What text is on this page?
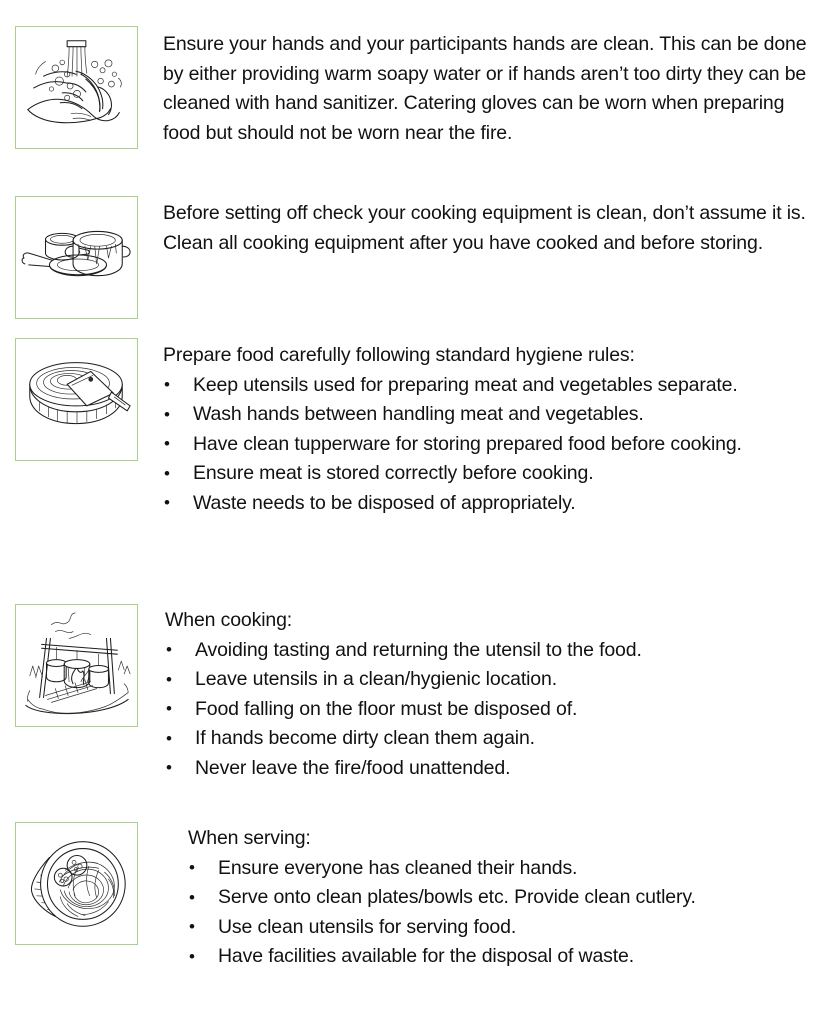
Ensure your hands and your participants hands are clean. This can be done by either providing warm soapy water or if hands aren’t too dirty they can be cleaned with hand sanitizer. Catering gloves can be worn when preparing food but should not be worn near the fire.

Before setting off check your cooking equipment is clean, don’t assume it is. Clean all cooking equipment after you have cooked and before storing.

Prepare food carefully following standard hygiene rules:

• Keep utensils used for preparing meat and vegetables separate.
• Wash hands between handling meat and vegetables.
• Have clean tupperware for storing prepared food before cooking.
• Ensure meat is stored correctly before cooking.
• Waste needs to be disposed of appropriately.

When cooking:

• Avoiding tasting and returning the utensil to the food.
• Leave utensils in a clean/hygienic location.
• Food falling on the floor must be disposed of.
• If hands become dirty clean them again.
• Never leave the fire/food unattended.

When serving:

• Ensure everyone has cleaned their hands.
• Serve onto clean plates/bowls etc. Provide clean cutlery.
• Use clean utensils for serving food.
• Have facilities available for the disposal of waste.
